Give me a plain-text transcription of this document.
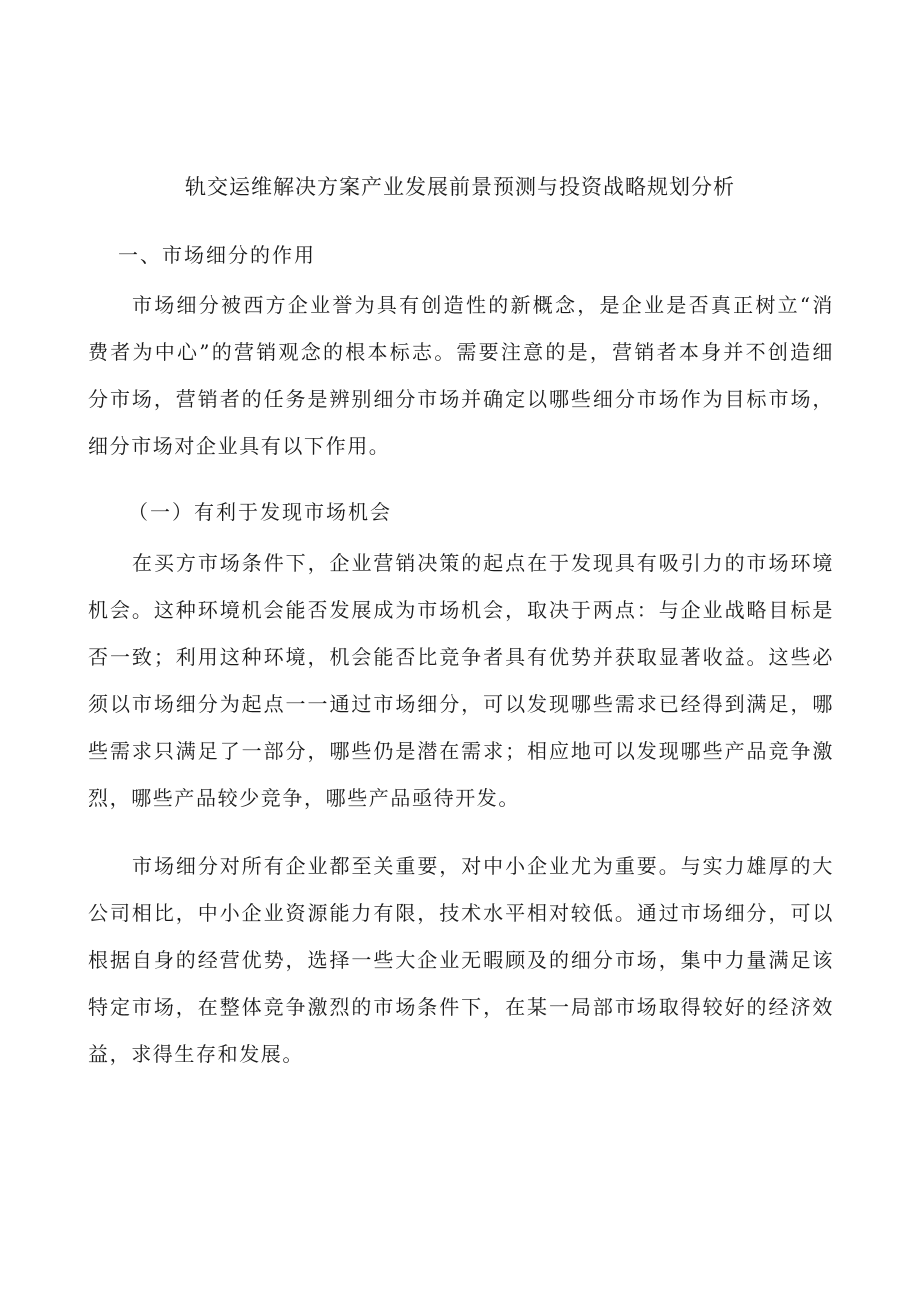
轨交运维解决方案产业发展前景预测与投资战略规划分析
一、市场细分的作用

市场细分被西方企业誉为具有创造性的新概念，是企业是否真正树立“消费者为中心”的营销观念的根本标志。需要注意的是，营销者本身并不创造细分市场，营销者的任务是辨别细分市场并确定以哪些细分市场作为目标市场，细分市场对企业具有以下作用。

（一）有利于发现市场机会

在买方市场条件下，企业营销决策的起点在于发现具有吸引力的市场环境机会。这种环境机会能否发展成为市场机会，取决于两点：与企业战略目标是否一致；利用这种环境，机会能否比竞争者具有优势并获取显著收益。这些必须以市场细分为起点一一通过市场细分，可以发现哪些需求已经得到满足，哪些需求只满足了一部分，哪些仍是潜在需求；相应地可以发现哪些产品竞争激烈，哪些产品较少竞争，哪些产品亟待开发。

市场细分对所有企业都至关重要，对中小企业尤为重要。与实力雄厚的大公司相比，中小企业资源能力有限，技术水平相对较低。通过市场细分，可以根据自身的经营优势，选择一些大企业无暇顾及的细分市场，集中力量满足该特定市场，在整体竞争激烈的市场条件下，在某一局部市场取得较好的经济效益，求得生存和发展。
